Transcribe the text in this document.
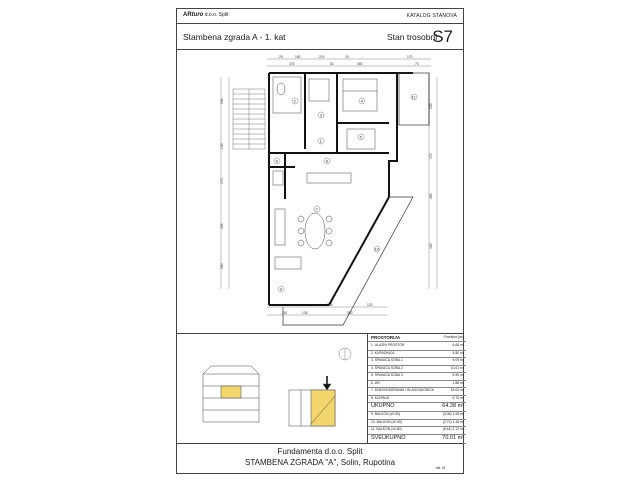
ARturo d.o.o. Split	KATALOG STANOVA
Stambena zgrada A - 1. kat	Stan trosobni
S7
25	180	215	15	170
475	82	360	70
215	120
110	128	300
303
140
170
305
280
230
170
260
440
2
1
4
5
6	8
7
9
3
11
10
PROSTORIJA	Površina (m²)
1. ULAZNI PROSTOR	6.68 m²
2. KUPAONICA	4.80 m²
3. SPAVAĆA SOBA 1	9.09 m²
4. SPAVAĆA SOBA 2	10.61 m²
5. SPAVAĆA SOBA 3	6.50 m²
6. WC	1.88 m²
7. DNEVNI BORAVAK I BLAGOVAONICA	18.02 m²
8. KUHINJA	6.70 m²
UKUPNO	64.38 m²
9. BALKON (x0.50)	(3.05) 1.55 m²
10. BALKON (x0.50)	(2.72) 1.36 m²
11. BALKON (x0.50)	(5.44) 2.72 m²
SVEUKUPNO	70.01 m²
Fundamenta d.o.o. Split
STAMBENA ZGRADA "A", Solin, Rupotina
dd. B
